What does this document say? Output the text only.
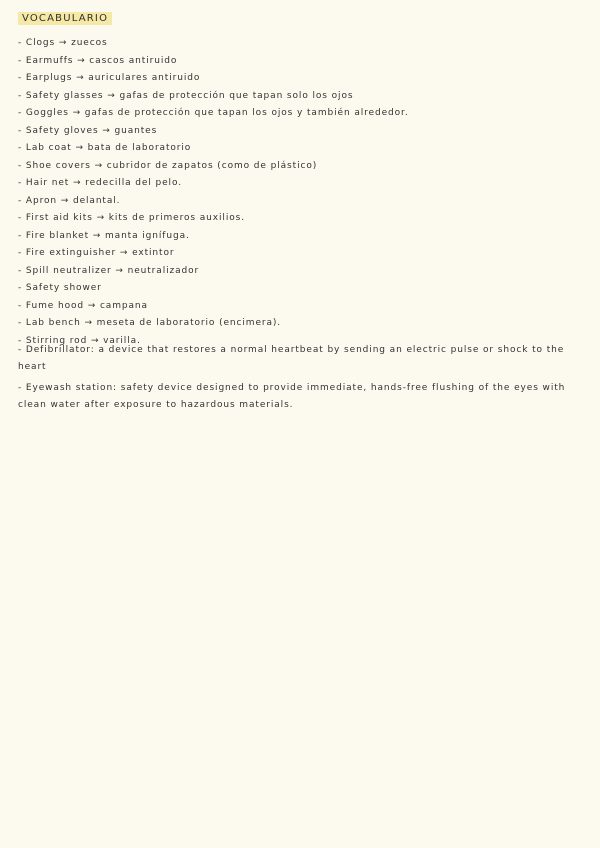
VOCABULARIO
- Clogs → zuecos
- Earmuffs → cascos antiruido
- Earplugs → auriculares antiruido
- Safety glasses → gafas de protección que tapan solo los ojos
- Goggles → gafas de protección que tapan los ojos y también alrededor.
- Safety gloves → guantes
- Lab coat → bata de laboratorio
- Shoe covers → cubridor de zapatos (como de plástico)
- Hair net → redecilla del pelo.
- Apron → delantal.
- First aid kits → kits de primeros auxilios.
- Fire blanket → manta ignífuga.
- Fire extinguisher → extintor
- Spill neutralizer → neutralizador
- Safety shower
- Fume hood → campana
- Lab bench → meseta de laboratorio (encimera).
- Stirring rod → varilla.
- Defibrillator: a device that restores a normal heartbeat by sending an electric pulse or shock to the heart
- Eyewash station: safety device designed to provide immediate, hands-free flushing of the eyes with clean water after exposure to hazardous materials.
